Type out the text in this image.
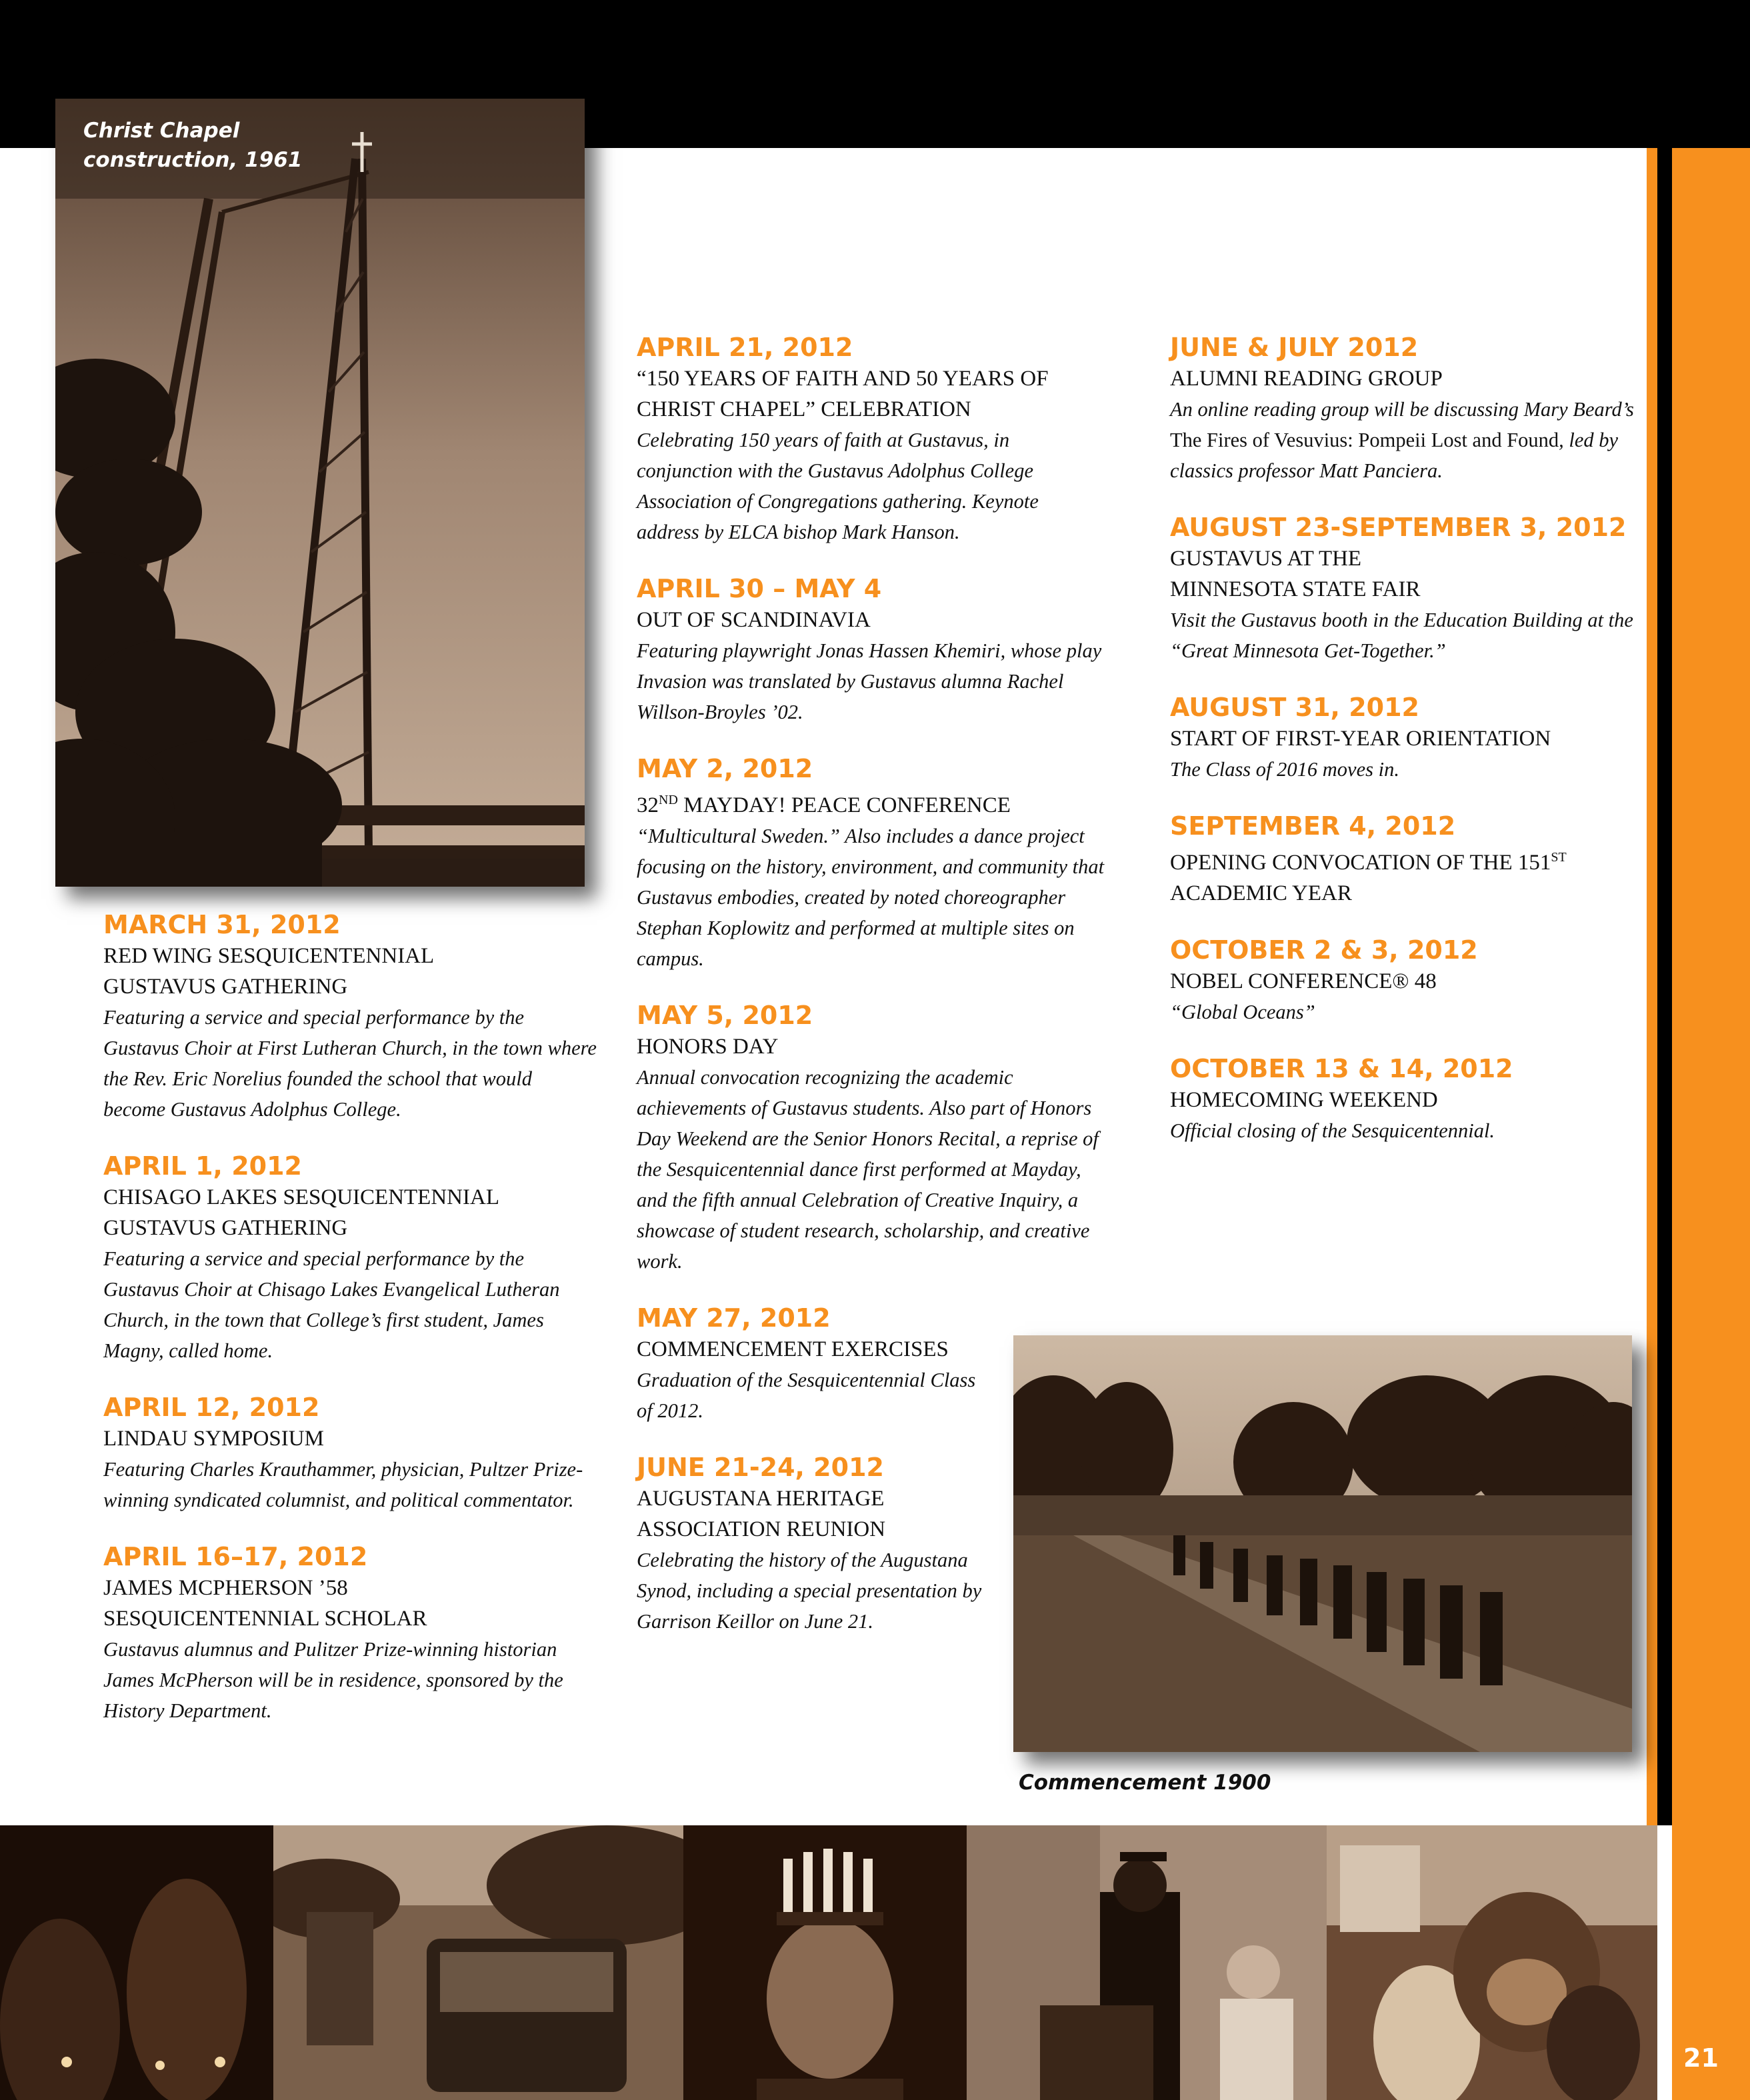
21
Christ Chapel construction, 1961
MARCH 31, 2012
RED WING SESQUICENTENNIAL GUSTAVUS GATHERING
Featuring a service and special performance by the Gustavus Choir at First Lutheran Church, in the town where the Rev. Eric Norelius founded the school that would become Gustavus Adolphus College.
APRIL 1, 2012
CHISAGO LAKES SESQUICENTENNIAL GUSTAVUS GATHERING
Featuring a service and special performance by the Gustavus Choir at Chisago Lakes Evangelical Lutheran Church, in the town that College’s first student, James Magny, called home.
APRIL 12, 2012
LINDAU SYMPOSIUM
Featuring Charles Krauthammer, physician, Pultzer Prize-winning syndicated columnist, and political commentator.
APRIL 16–17, 2012
JAMES MCPHERSON ’58 SESQUICENTENNIAL SCHOLAR
Gustavus alumnus and Pulitzer Prize-winning historian James McPherson will be in residence, sponsored by the History Department.
APRIL 21, 2012
“150 YEARS OF FAITH AND 50 YEARS OF CHRIST CHAPEL” CELEBRATION
Celebrating 150 years of faith at Gustavus, in conjunction with the Gustavus Adolphus College Association of Congregations gathering. Keynote address by ELCA bishop Mark Hanson.
APRIL 30 – MAY 4
OUT OF SCANDINAVIA
Featuring playwright Jonas Hassen Khemiri, whose play Invasion was translated by Gustavus alumna Rachel Willson-Broyles ’02.
MAY 2, 2012
32ND MAYDAY! PEACE CONFERENCE
“Multicultural Sweden.” Also includes a dance project focusing on the history, environment, and community that Gustavus embodies, created by noted choreographer Stephan Koplowitz and performed at multiple sites on campus.
MAY 5, 2012
HONORS DAY
Annual convocation recognizing the academic achievements of Gustavus students. Also part of Honors Day Weekend are the Senior Honors Recital, a reprise of the Sesquicentennial dance first performed at Mayday, and the fifth annual Celebration of Creative Inquiry, a showcase of student research, scholarship, and creative work.
MAY 27, 2012
COMMENCEMENT EXERCISES
Graduation of the Sesquicentennial Class of 2012.
JUNE 21-24, 2012
AUGUSTANA HERITAGE ASSOCIATION REUNION
Celebrating the history of the Augustana Synod, including a special presentation by Garrison Keillor on June 21.
JUNE & JULY 2012
ALUMNI READING GROUP
An online reading group will be discussing Mary Beard’s The Fires of Vesuvius: Pompeii Lost and Found, led by classics professor Matt Panciera.
AUGUST 23-SEPTEMBER 3, 2012
GUSTAVUS AT THE MINNESOTA STATE FAIR
Visit the Gustavus booth in the Education Building at the “Great Minnesota Get-Together.”
AUGUST 31, 2012
START OF FIRST-YEAR ORIENTATION
The Class of 2016 moves in.
SEPTEMBER 4, 2012
OPENING CONVOCATION OF THE 151ST
ACADEMIC YEAR
OCTOBER 2 & 3, 2012
NOBEL CONFERENCE® 48
“Global Oceans”
OCTOBER 13 & 14, 2012
HOMECOMING WEEKEND
Official closing of the Sesquicentennial.
Commencement 1900
